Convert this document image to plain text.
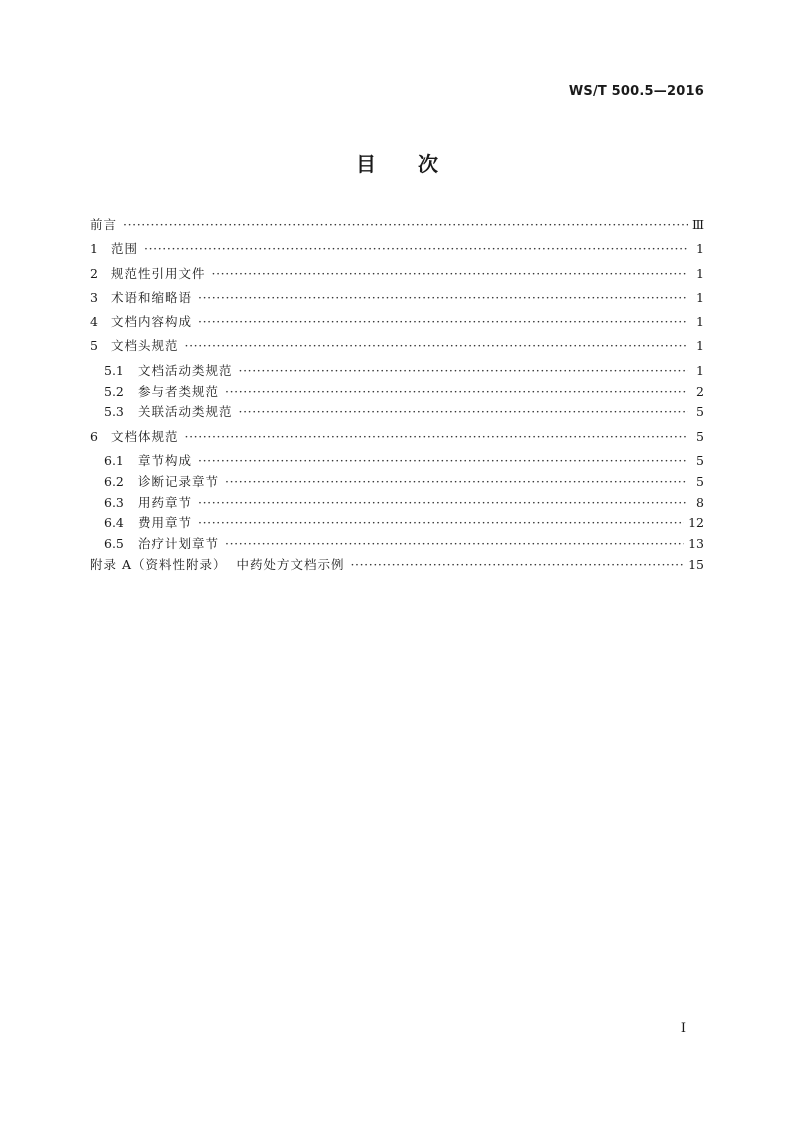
WS/T 500.5—2016
目 次
前言 ·····	Ⅲ
1	范围 ·····	1
2	规范性引用文件 ·····	1
3	术语和缩略语 ·····	1
4	文档内容构成 ·····	1
5	文档头规范 ·····	1
5.1	文档活动类规范 ·····	1
5.2	参与者类规范 ·····	2
5.3	关联活动类规范 ·····	5
6	文档体规范 ·····	5
6.1	章节构成 ·····	5
6.2	诊断记录章节 ·····	5
6.3	用药章节 ·····	8
6.4	费用章节 ·····	12
6.5	治疗计划章节 ·····	13
附录 A（资料性附录）  中药处方文档示例 ·····	15
I
